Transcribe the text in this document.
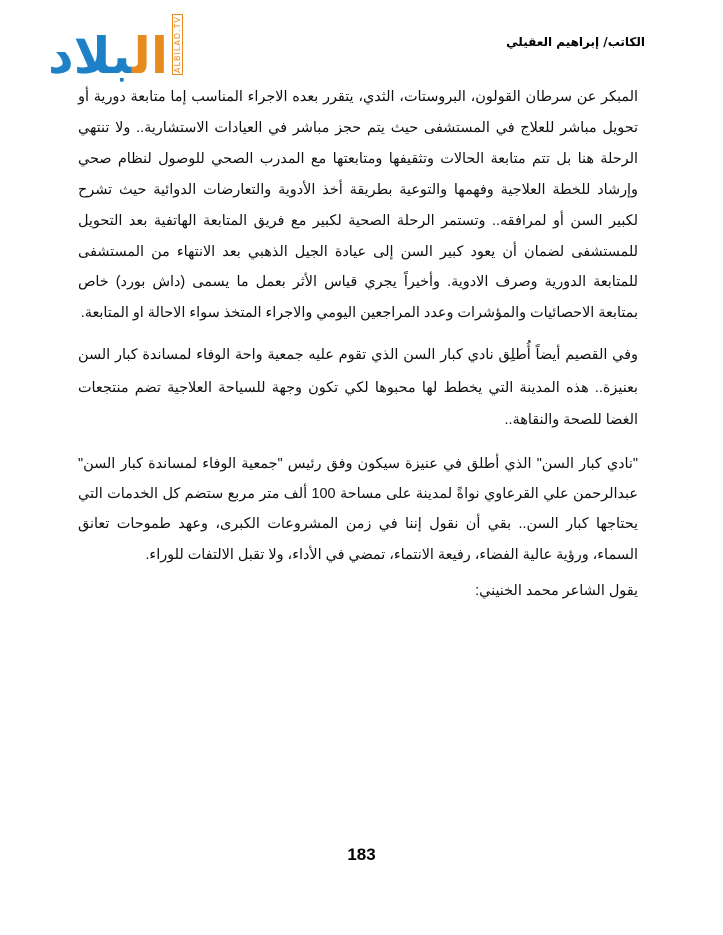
الكاتب/ إبراهيم العقيلي
البلاد	ALBILAD.TV

المبكر عن سرطان القولون، البروستات، الثدي، يتقرر بعده الاجراء المناسب إما متابعة دورية أو تحويل مباشر للعلاج في المستشفى حيث يتم حجز مباشر في العيادات الاستشارية.. ولا تنتهي الرحلة هنا بل تتم متابعة الحالات وتثقيفها ومتابعتها مع المدرب الصحي للوصول لنظام صحي وإرشاد للخطة العلاجية وفهمها والتوعية بطريقة أخذ الأدوية والتعارضات الدوائية حيث تشرح لكبير السن أو لمرافقه.. وتستمر الرحلة الصحية لكبير مع فريق المتابعة الهاتفية بعد التحويل للمستشفى لضمان أن يعود كبير السن إلى عيادة الجيل الذهبي بعد الانتهاء من المستشفى للمتابعة الدورية وصرف الادوية. وأخيراً يجري قياس الأثر بعمل ما يسمى (داش بورد) خاص بمتابعة الاحصائيات والمؤشرات وعدد المراجعين اليومي والاجراء المتخذ سواء الاحالة او المتابعة.

وفي القصيم أيضاً أُطلِق نادي كبار السن الذي تقوم عليه جمعية واحة الوفاء لمساندة كبار السن بعنيزة.. هذه المدينة التي يخطط لها محبوها لكي تكون وجهة للسياحة العلاجية تضم منتجعات الغضا للصحة والنقاهة..

"نادي كبار السن" الذي أطلق في عنيزة سيكون وفق رئيس "جمعية الوفاء لمساندة كبار السن" عبدالرحمن علي القرعاوي نواةً لمدينة على مساحة 100 ألف متر مربع ستضم كل الخدمات التي يحتاجها كبار السن.. بقي أن نقول إننا في زمن المشروعات الكبرى، وعهد طموحات تعانق السماء، ورؤية عالية الفضاء، رفيعة الانتماء، تمضي في الأداء، ولا تقبل الالتفات للوراء.

يقول الشاعر محمد الخنيني:

183
